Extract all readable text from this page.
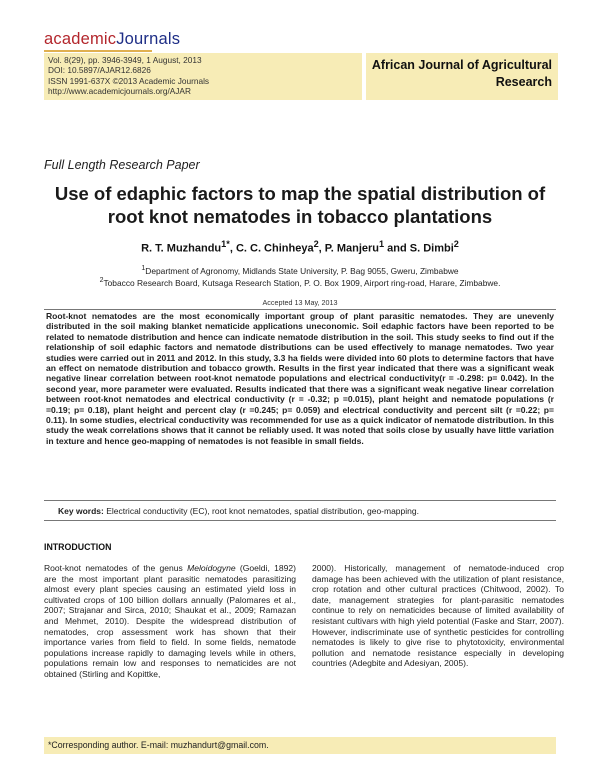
academicJournals
Vol. 8(29), pp. 3946-3949, 1 August, 2013
DOI: 10.5897/AJAR12.6826
ISSN 1991-637X ©2013 Academic Journals
http://www.academicjournals.org/AJAR
African Journal of Agricultural
Research
Full Length Research Paper
Use of edaphic factors to map the spatial distribution of
root knot nematodes in tobacco plantations
R. T. Muzhandu$^{1*}$, C. C. Chinheya$^2$, P. Manjeru$^1$ and S. Dimbi$^2$
$^1$Department of Agronomy, Midlands State University, P. Bag 9055, Gweru, Zimbabwe
$^2$Tobacco Research Board, Kutsaga Research Station, P. O. Box 1909, Airport ring-road, Harare, Zimbabwe.
Accepted 13 May, 2013

Root-knot nematodes are the most economically important group of plant parasitic nematodes. They are unevenly distributed in the soil making blanket nematicide applications uneconomic. Soil edaphic factors have been reported to be related to nematode distribution and hence can indicate nematode distribution in the soil. This study seeks to find out if the relationship of soil edaphic factors and nematode distributions can be used effectively to manage nematodes. Two year studies were carried out in 2011 and 2012. In this study, 3.3 ha fields were divided into 60 plots to determine factors that have an effect on nematode distribution and tobacco growth. Results in the first year indicated that there was a significant weak negative linear correlation between root-knot nematode populations and electrical conductivity(r = -0.298: p= 0.042). In the second year, more parameter were evaluated. Results indicated that there was a significant weak negative linear correlation between root-knot nematodes and electrical conductivity (r = -0.32; p =0.015), plant height and nematode populations (r =0.19; p= 0.18), plant height and percent clay (r =0.245; p= 0.059) and electrical conductivity and percent silt (r =0.22; p= 0.11). In some studies, electrical conductivity was recommended for use as a quick indicator of nematode distribution. In this study the weak correlations shows that it cannot be reliably used. It was noted that soils close by usually have little variation in texture and hence geo-mapping of nematodes is not feasible in small fields.

Key words: Electrical conductivity (EC), root knot nematodes, spatial distribution, geo-mapping.
INTRODUCTION

Root-knot nematodes of the genus Meloidogyne (Goeldi, 1892) are the most important plant parasitic nematodes parasitizing almost every plant species causing an estimated yield loss in cultivated crops of 100 billion dollars annually (Palomares et al., 2007; Strajanar and Sirca, 2010; Shaukat et al., 2009; Ramazan and Mehmet, 2010). Despite the widespread distribution of nematodes, crop assessment work has shown that their importance varies from field to field. In some fields, nematode populations increase rapidly to damaging levels while in others, populations remain low and responses to nematicides are not obtained (Stirling and Kopittke,

2000). Historically, management of nematode-induced crop damage has been achieved with the utilization of plant resistance, crop rotation and other cultural practices (Chitwood, 2002). To date, management strategies for plant-parasitic nematodes continue to rely on nematicides because of limited availability of resistant cultivars with high yield potential (Faske and Starr, 2007). However, indiscriminate use of synthetic pesticides for controlling nematodes is likely to give rise to phytotoxicity, environmental pollution and nematode resistance especially in developing countries (Adegbite and Adesiyan, 2005).

*Corresponding author. E-mail: muzhandurt@gmail.com.
